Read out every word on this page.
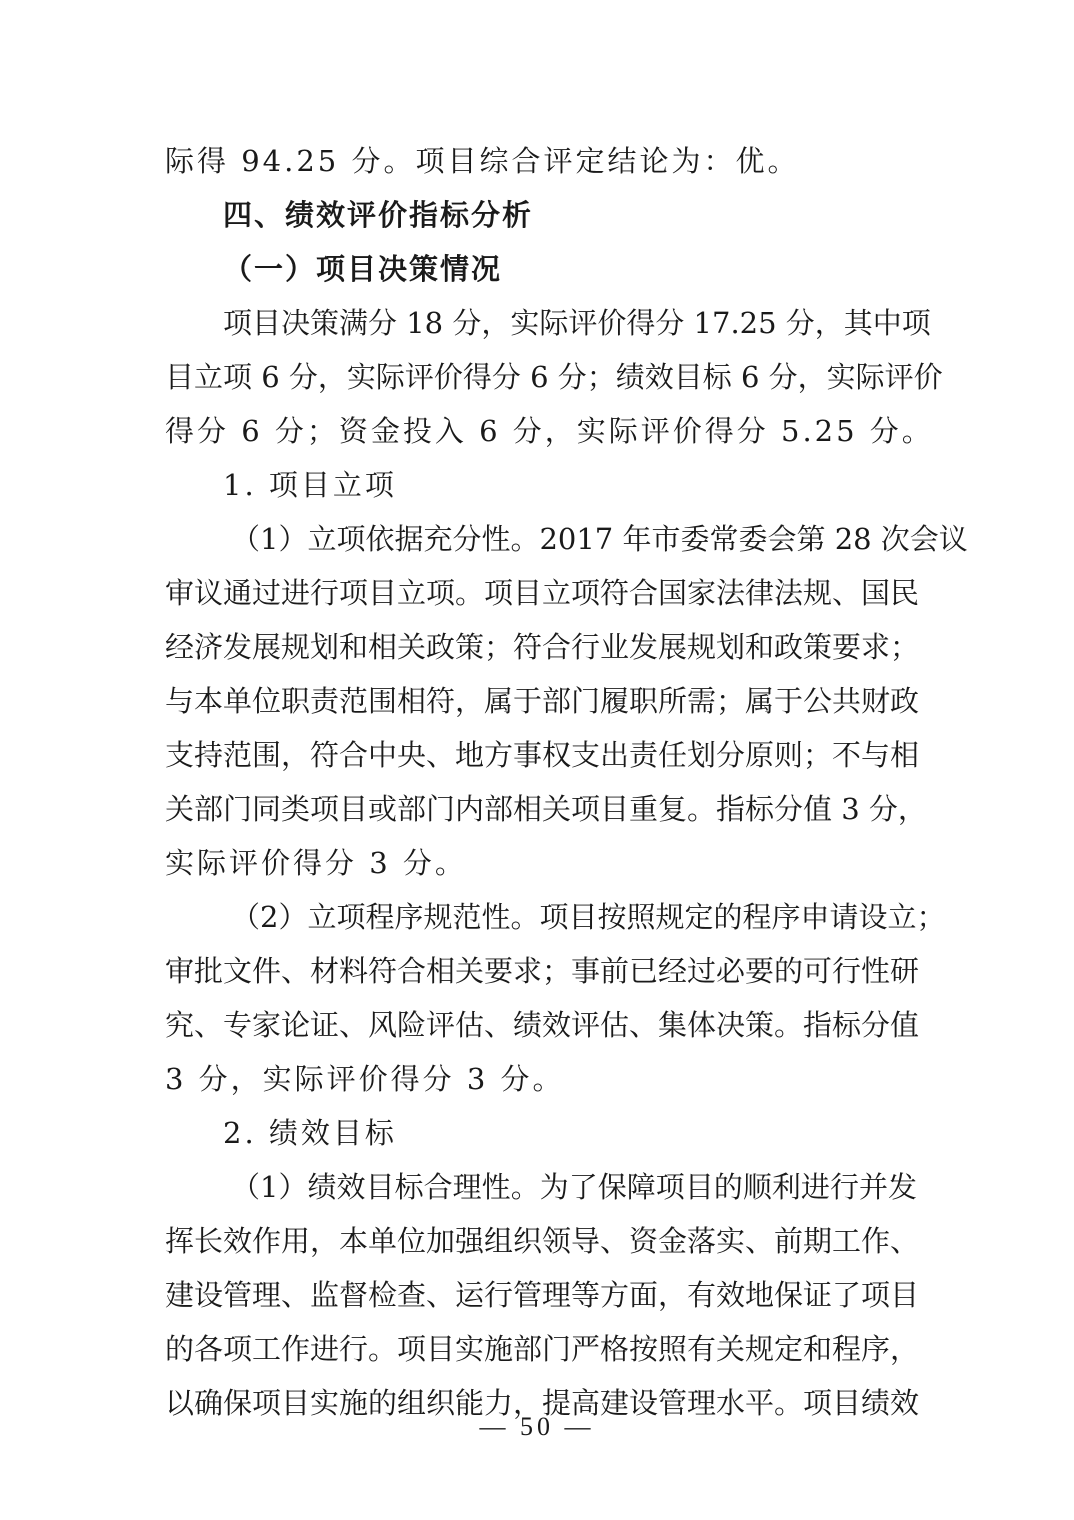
际得 94.25 分。项目综合评定结论为：优。
四、绩效评价指标分析
（一）项目决策情况
项目决策满分 18 分，实际评价得分 17.25 分，其中项
目立项 6 分，实际评价得分 6 分；绩效目标 6 分，实际评价
得分 6 分；资金投入 6 分，实际评价得分 5.25 分。
1. 项目立项
（1）立项依据充分性。2017 年市委常委会第 28 次会议
审议通过进行项目立项。项目立项符合国家法律法规、国民
经济发展规划和相关政策；符合行业发展规划和政策要求；
与本单位职责范围相符，属于部门履职所需；属于公共财政
支持范围，符合中央、地方事权支出责任划分原则；不与相
关部门同类项目或部门内部相关项目重复。指标分值 3 分，
实际评价得分 3 分。
（2）立项程序规范性。项目按照规定的程序申请设立；
审批文件、材料符合相关要求；事前已经过必要的可行性研
究、专家论证、风险评估、绩效评估、集体决策。指标分值
3 分，实际评价得分 3 分。
2. 绩效目标
（1）绩效目标合理性。为了保障项目的顺利进行并发
挥长效作用，本单位加强组织领导、资金落实、前期工作、
建设管理、监督检查、运行管理等方面，有效地保证了项目
的各项工作进行。项目实施部门严格按照有关规定和程序，
以确保项目实施的组织能力，提高建设管理水平。项目绩效
— 50 —
